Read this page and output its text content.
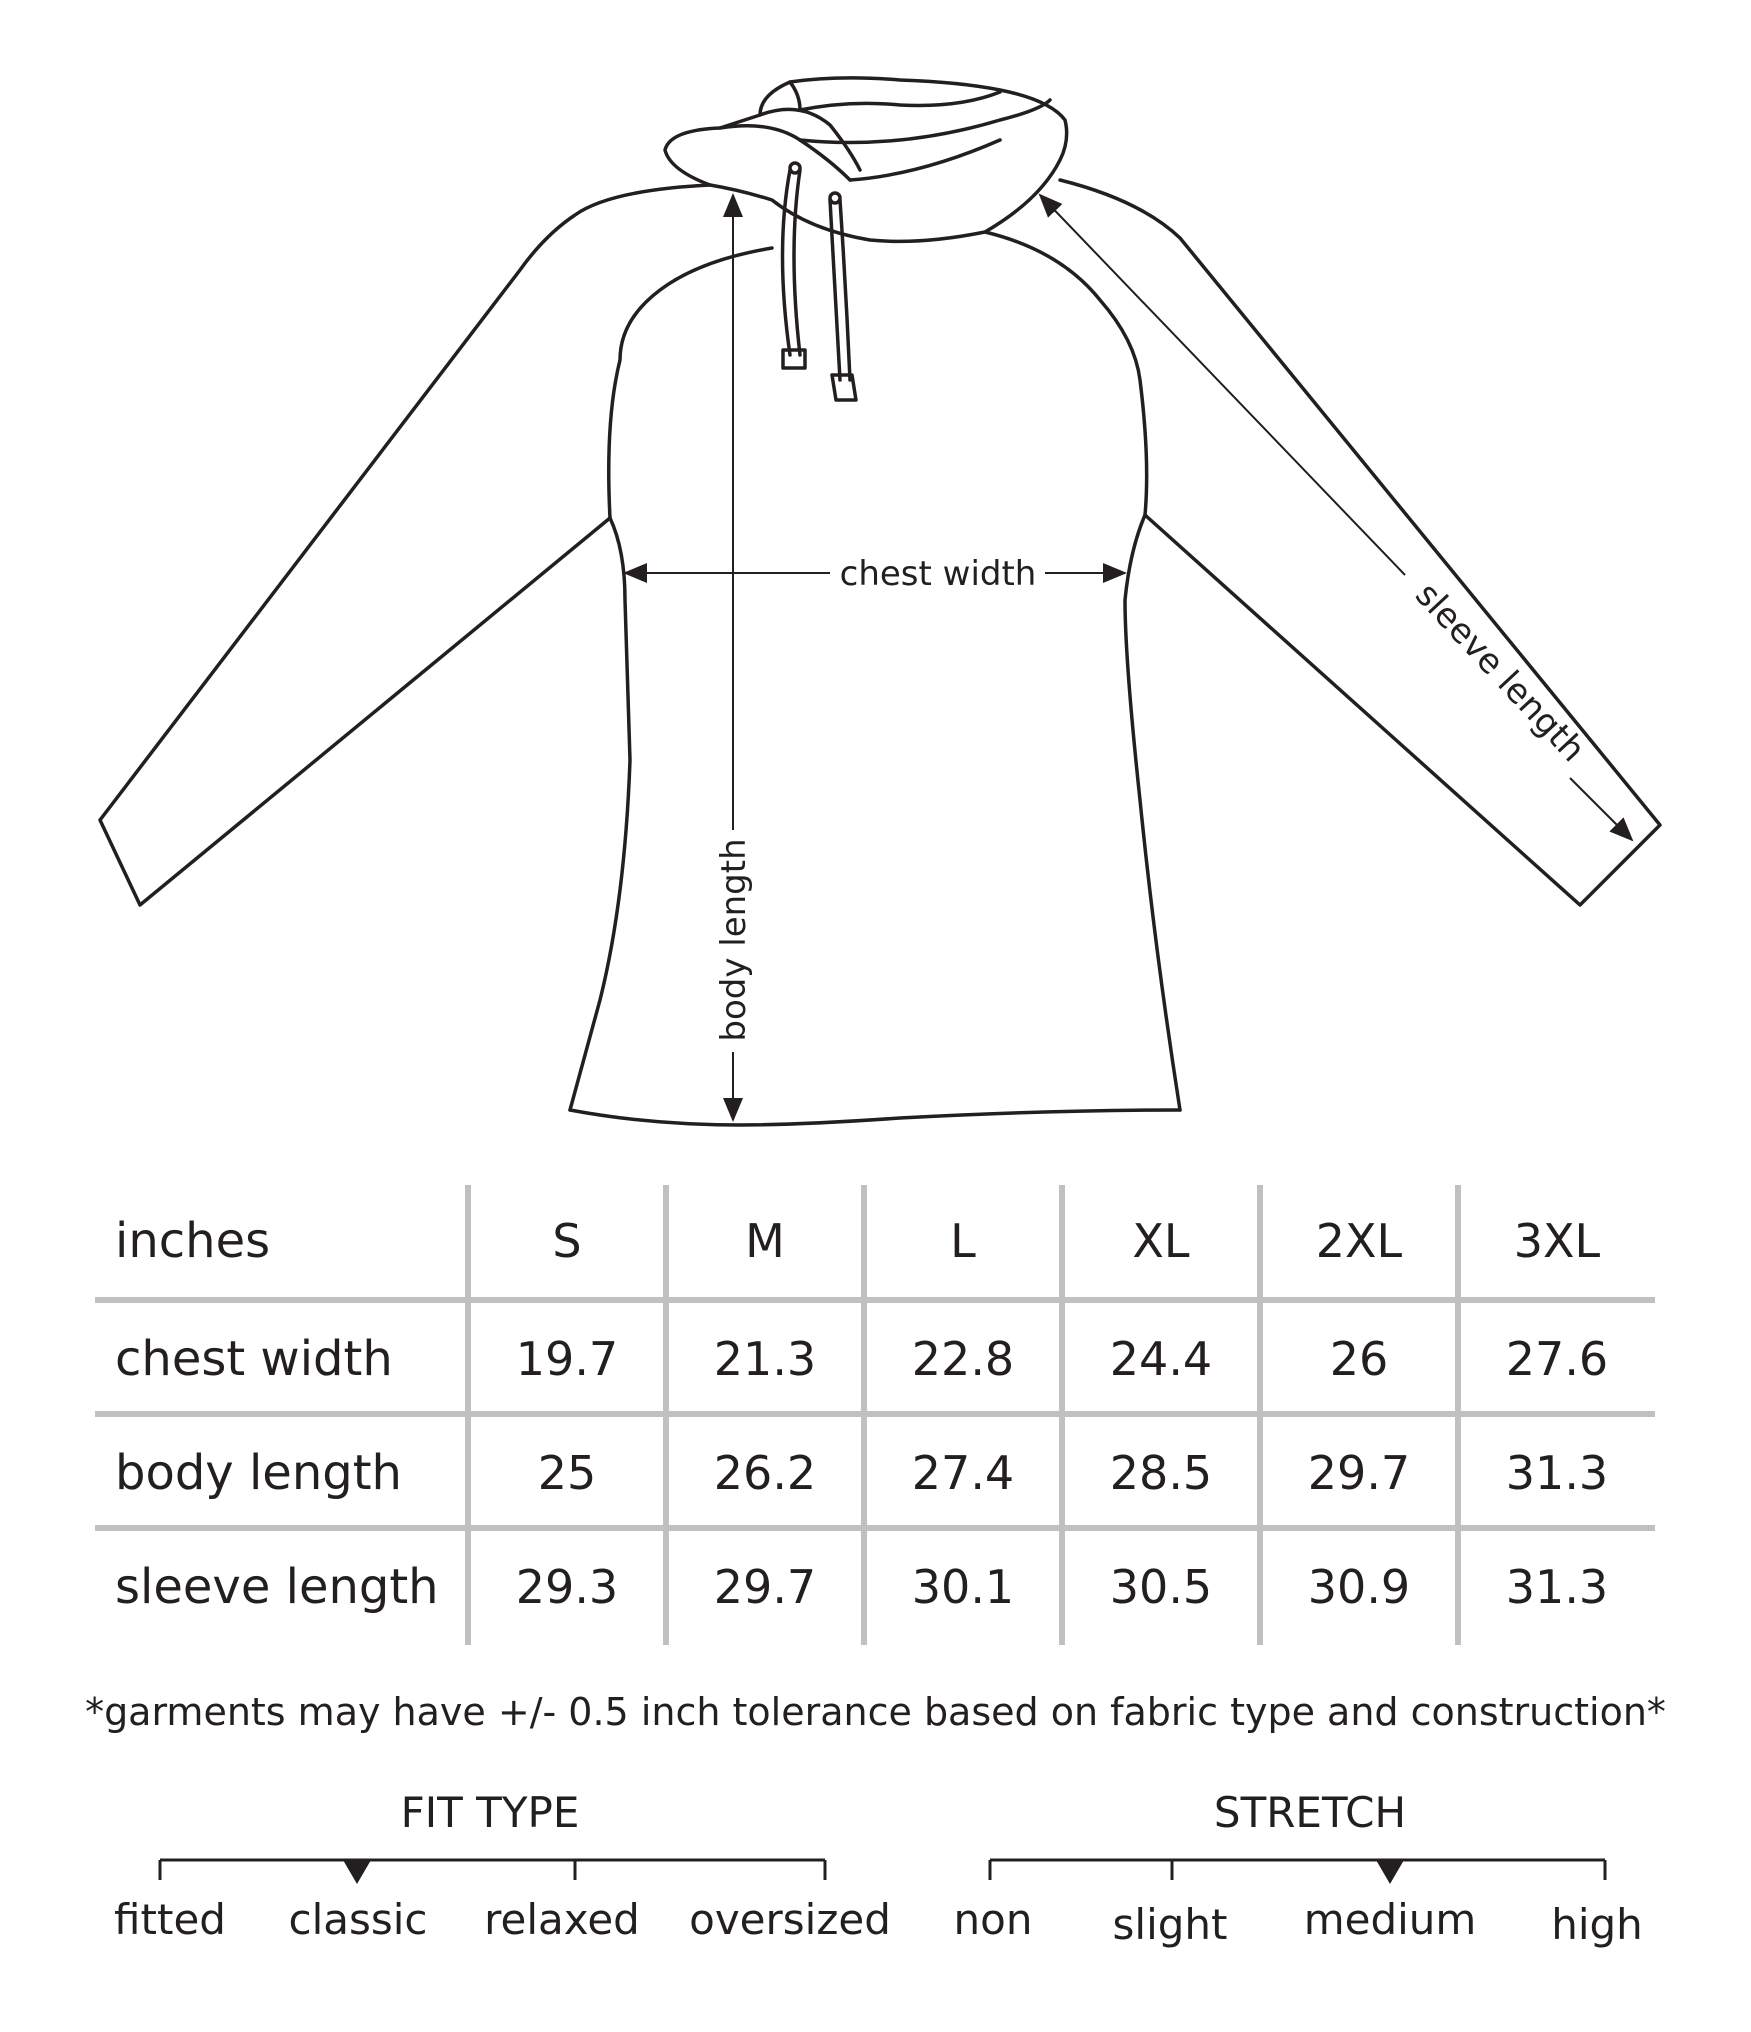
chest width
body length
sleeve length
inches	S	M	L	XL	2XL	3XL
chest width	19.7	21.3	22.8	24.4	26	27.6
body length	25	26.2	27.4	28.5	29.7	31.3
sleeve length	29.3	29.7	30.1	30.5	30.9	31.3
*garments may have +/- 0.5 inch tolerance based on fabric type and construction*
FIT TYPE
fitted classic relaxed oversized
STRETCH
non slight medium high
